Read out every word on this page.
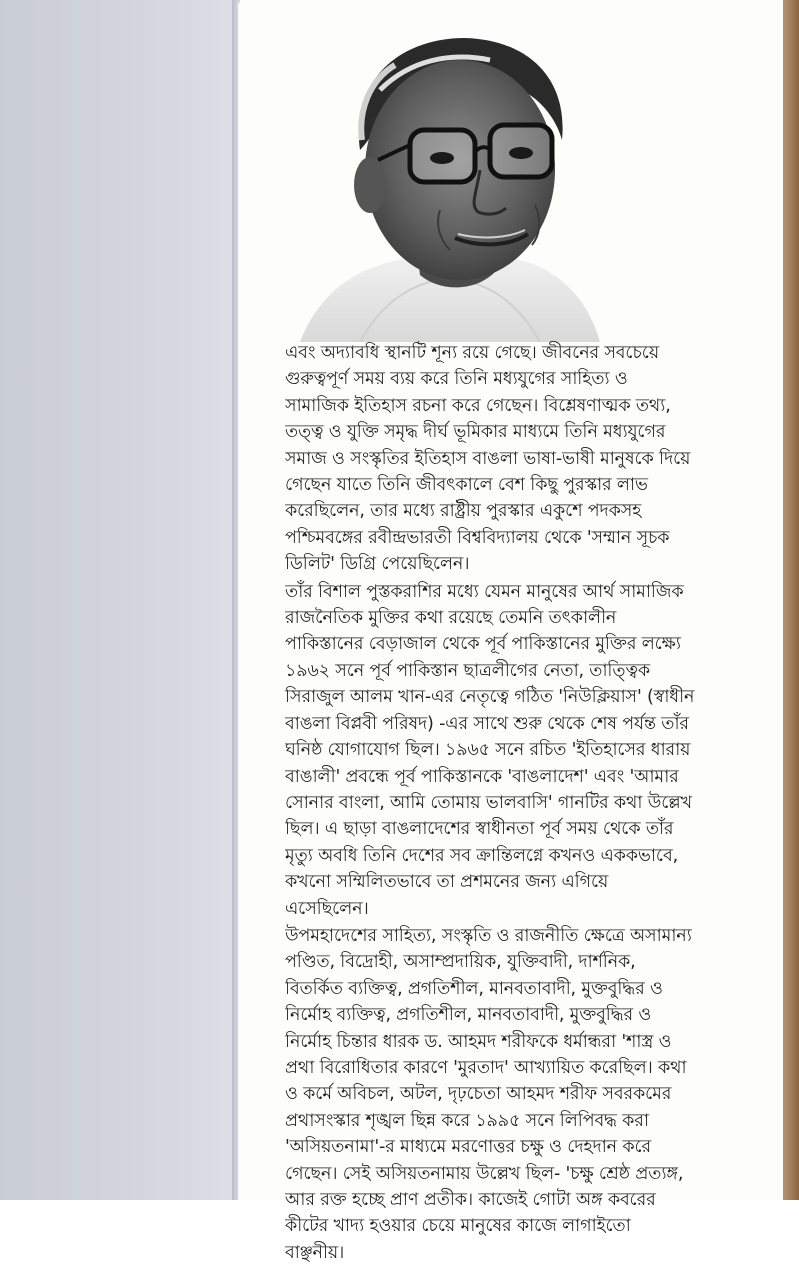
এবং অদ্যাবধি স্থানটি শূন্য রয়ে গেছে। জীবনের সবচেয়ে
গুরুত্বপূর্ণ সময় ব্যয় করে তিনি মধ্যযুগের সাহিত্য ও
সামাজিক ইতিহাস রচনা করে গেছেন। বিশ্লেষণাত্মক তথ্য,
তত্ত্ব ও যুক্তি সমৃদ্ধ দীর্ঘ ভূমিকার মাধ্যমে তিনি মধ্যযুগের
সমাজ ও সংস্কৃতির ইতিহাস বাঙলা ভাষা-ভাষী মানুষকে দিয়ে
গেছেন যাতে তিনি জীবৎকালে বেশ কিছু পুরস্কার লাভ
করেছিলেন, তার মধ্যে রাষ্ট্রীয় পুরস্কার একুশে পদকসহ
পশ্চিমবঙ্গের রবীন্দ্রভারতী বিশ্ববিদ্যালয় থেকে 'সম্মান সূচক
ডিলিট' ডিগ্রি পেয়েছিলেন।
তাঁর বিশাল পুস্তকরাশির মধ্যে যেমন মানুষের আর্থ সামাজিক
রাজনৈতিক মুক্তির কথা রয়েছে তেমনি তৎকালীন
পাকিস্তানের বেড়াজাল থেকে পূর্ব পাকিস্তানের মুক্তির লক্ষ্যে
১৯৬২ সনে পূর্ব পাকিস্তান ছাত্রলীগের নেতা, তাত্ত্বিক
সিরাজুল আলম খান-এর নেতৃত্বে গঠিত 'নিউক্লিয়াস' (স্বাধীন
বাঙলা বিপ্লবী পরিষদ) -এর সাথে শুরু থেকে শেষ পর্যন্ত তাঁর
ঘনিষ্ঠ যোগাযোগ ছিল। ১৯৬৫ সনে রচিত 'ইতিহাসের ধারায়
বাঙালী' প্রবন্ধে পূর্ব পাকিস্তানকে 'বাঙলাদেশ' এবং 'আমার
সোনার বাংলা, আমি তোমায় ভালবাসি' গানটির কথা উল্লেখ
ছিল। এ ছাড়া বাঙলাদেশের স্বাধীনতা পূর্ব সময় থেকে তাঁর
মৃত্যু অবধি তিনি দেশের সব ক্রান্তিলগ্নে কখনও এককভাবে,
কখনো সম্মিলিতভাবে তা প্রশমনের জন্য এগিয়ে
এসেছিলেন।
উপমহাদেশের সাহিত্য, সংস্কৃতি ও রাজনীতি ক্ষেত্রে অসামান্য
পণ্ডিত, বিদ্রোহী, অসাম্প্রদায়িক, যুক্তিবাদী, দার্শনিক,
বিতর্কিত ব্যক্তিত্ব, প্রগতিশীল, মানবতাবাদী, মুক্তবুদ্ধির ও
নির্মোহ ব্যক্তিত্ব, প্রগতিশীল, মানবতাবাদী, মুক্তবুদ্ধির ও
নির্মোহ চিন্তার ধারক ড. আহমদ শরীফকে ধর্মান্ধরা 'শাস্ত্র ও
প্রথা বিরোধিতার কারণে 'মুরতাদ' আখ্যায়িত করেছিল। কথা
ও কর্মে অবিচল, অটল, দৃঢ়চেতা আহমদ শরীফ সবরকমের
প্রথাসংস্কার শৃঙ্খল ছিন্ন করে ১৯৯৫ সনে লিপিবদ্ধ করা
'অসিয়তনামা'-র মাধ্যমে মরণোত্তর চক্ষু ও দেহদান করে
গেছেন। সেই অসিয়তনামায় উল্লেখ ছিল- 'চক্ষু শ্রেষ্ঠ প্রত্যঙ্গ,
আর রক্ত হচ্ছে প্রাণ প্রতীক। কাজেই গোটা অঙ্গ কবরের
কীটের খাদ্য হওয়ার চেয়ে মানুষের কাজে লাগাইতো
বাঞ্ছনীয়।
